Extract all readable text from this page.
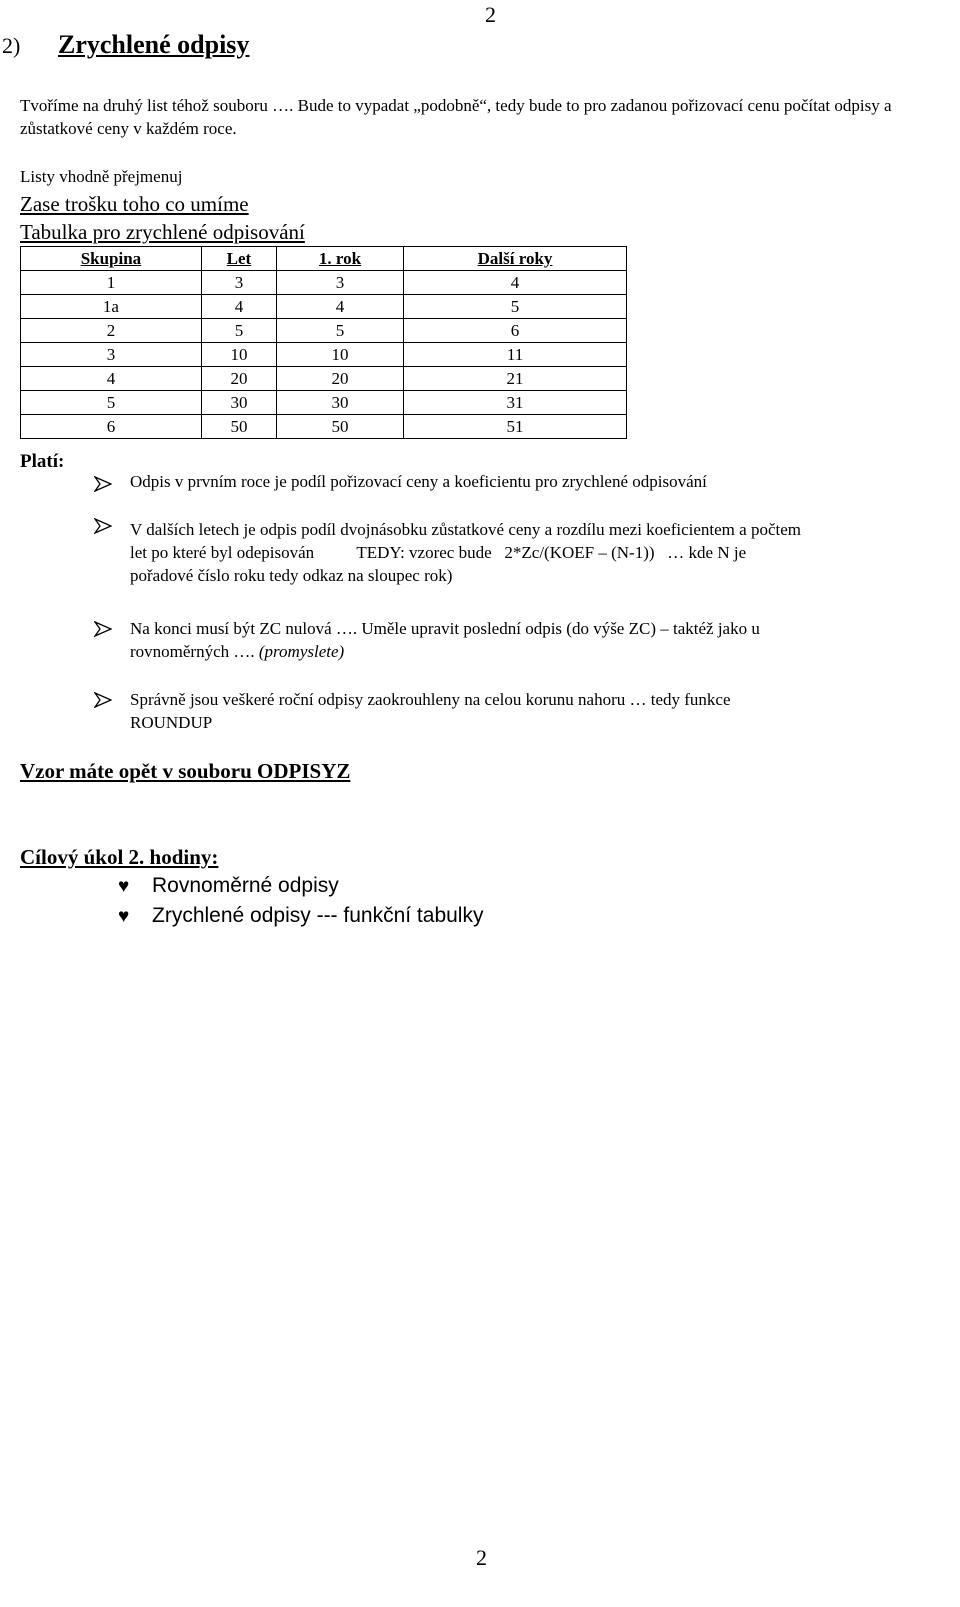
2
2) Zrychlené odpisy
Tvoříme na druhý list téhož souboru …. Bude to vypadat „podobně“, tedy bude to pro zadanou pořizovací cenu počítat odpisy a zůstatkové ceny v každém roce.
Listy vhodně přejmenuj
Zase trošku toho co umíme
Tabulka pro zrychlené odpisování
Skupina	Let	1. rok	Další roky
1	3	3	4
1a	4	4	5
2	5	5	6
3	10	10	11
4	20	20	21
5	30	30	31
6	50	50	51
Platí:
Odpis v prvním roce je podíl pořizovací ceny a koeficientu pro zrychlené odpisování
V dalších letech je odpis podíl dvojnásobku zůstatkové ceny a rozdílu mezi koeficientem a počtem
let po které byl odepisován          TEDY: vzorec bude   2*Zc/(KOEF – (N-1))   … kde N je
pořadové číslo roku tedy odkaz na sloupec rok)
Na konci musí být ZC nulová …. Uměle upravit poslední odpis (do výše ZC) – taktéž jako u
rovnoměrných …. (promyslete)
Správně jsou veškeré roční odpisy zaokrouhleny na celou korunu nahoru … tedy funkce
ROUNDUP
Vzor máte opět v souboru ODPISYZ
Cílový úkol 2. hodiny:
♥ Rovnoměrné odpisy
♥ Zrychlené odpisy --- funkční tabulky
2
